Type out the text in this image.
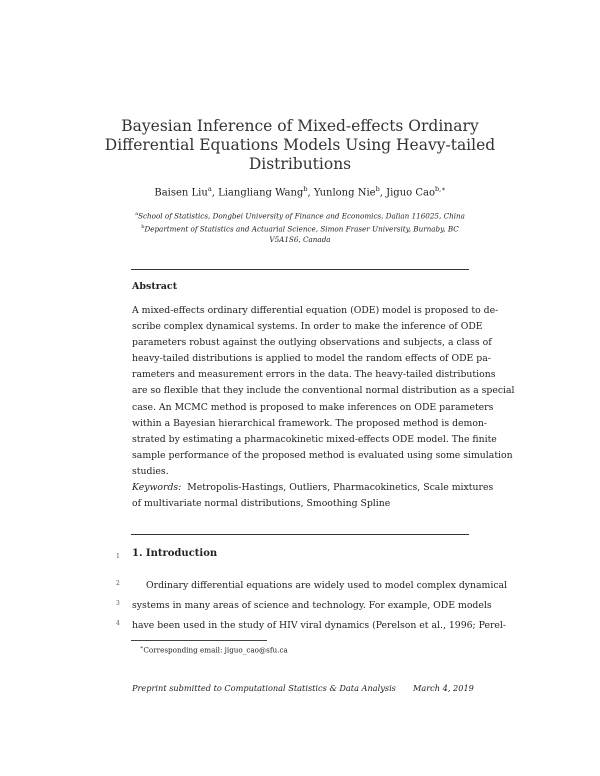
Bayesian Inference of Mixed-effects Ordinary
Differential Equations Models Using Heavy-tailed
Distributions
Baisen Liu$^a$, Liangliang Wang$^b$, Yunlong Nie$^b$, Jiguo Cao$^{b,∗}$
$^a$School of Statistics, Dongbei University of Finance and Economics, Dalian 116025, China
$^b$Department of Statistics and Actuarial Science, Simon Fraser University, Burnaby, BC
V5A1S6, Canada
Abstract
A mixed-effects ordinary differential equation (ODE) model is proposed to de-
scribe complex dynamical systems. In order to make the inference of ODE
parameters robust against the outlying observations and subjects, a class of
heavy-tailed distributions is applied to model the random effects of ODE pa-
rameters and measurement errors in the data. The heavy-tailed distributions
are so flexible that they include the conventional normal distribution as a special
case. An MCMC method is proposed to make inferences on ODE parameters
within a Bayesian hierarchical framework. The proposed method is demon-
strated by estimating a pharmacokinetic mixed-effects ODE model. The finite
sample performance of the proposed method is evaluated using some simulation
studies.
Keywords: Metropolis-Hastings, Outliers, Pharmacokinetics, Scale mixtures
of multivariate normal distributions, Smoothing Spline
1 1. Introduction
2
3
4
Ordinary differential equations are widely used to model complex dynamical
systems in many areas of science and technology. For example, ODE models
have been used in the study of HIV viral dynamics (Perelson et al., 1996; Perel-
∗Corresponding email: jiguo_cao@sfu.ca
Preprint submitted to Computational Statistics & Data Analysis March 4, 2019
